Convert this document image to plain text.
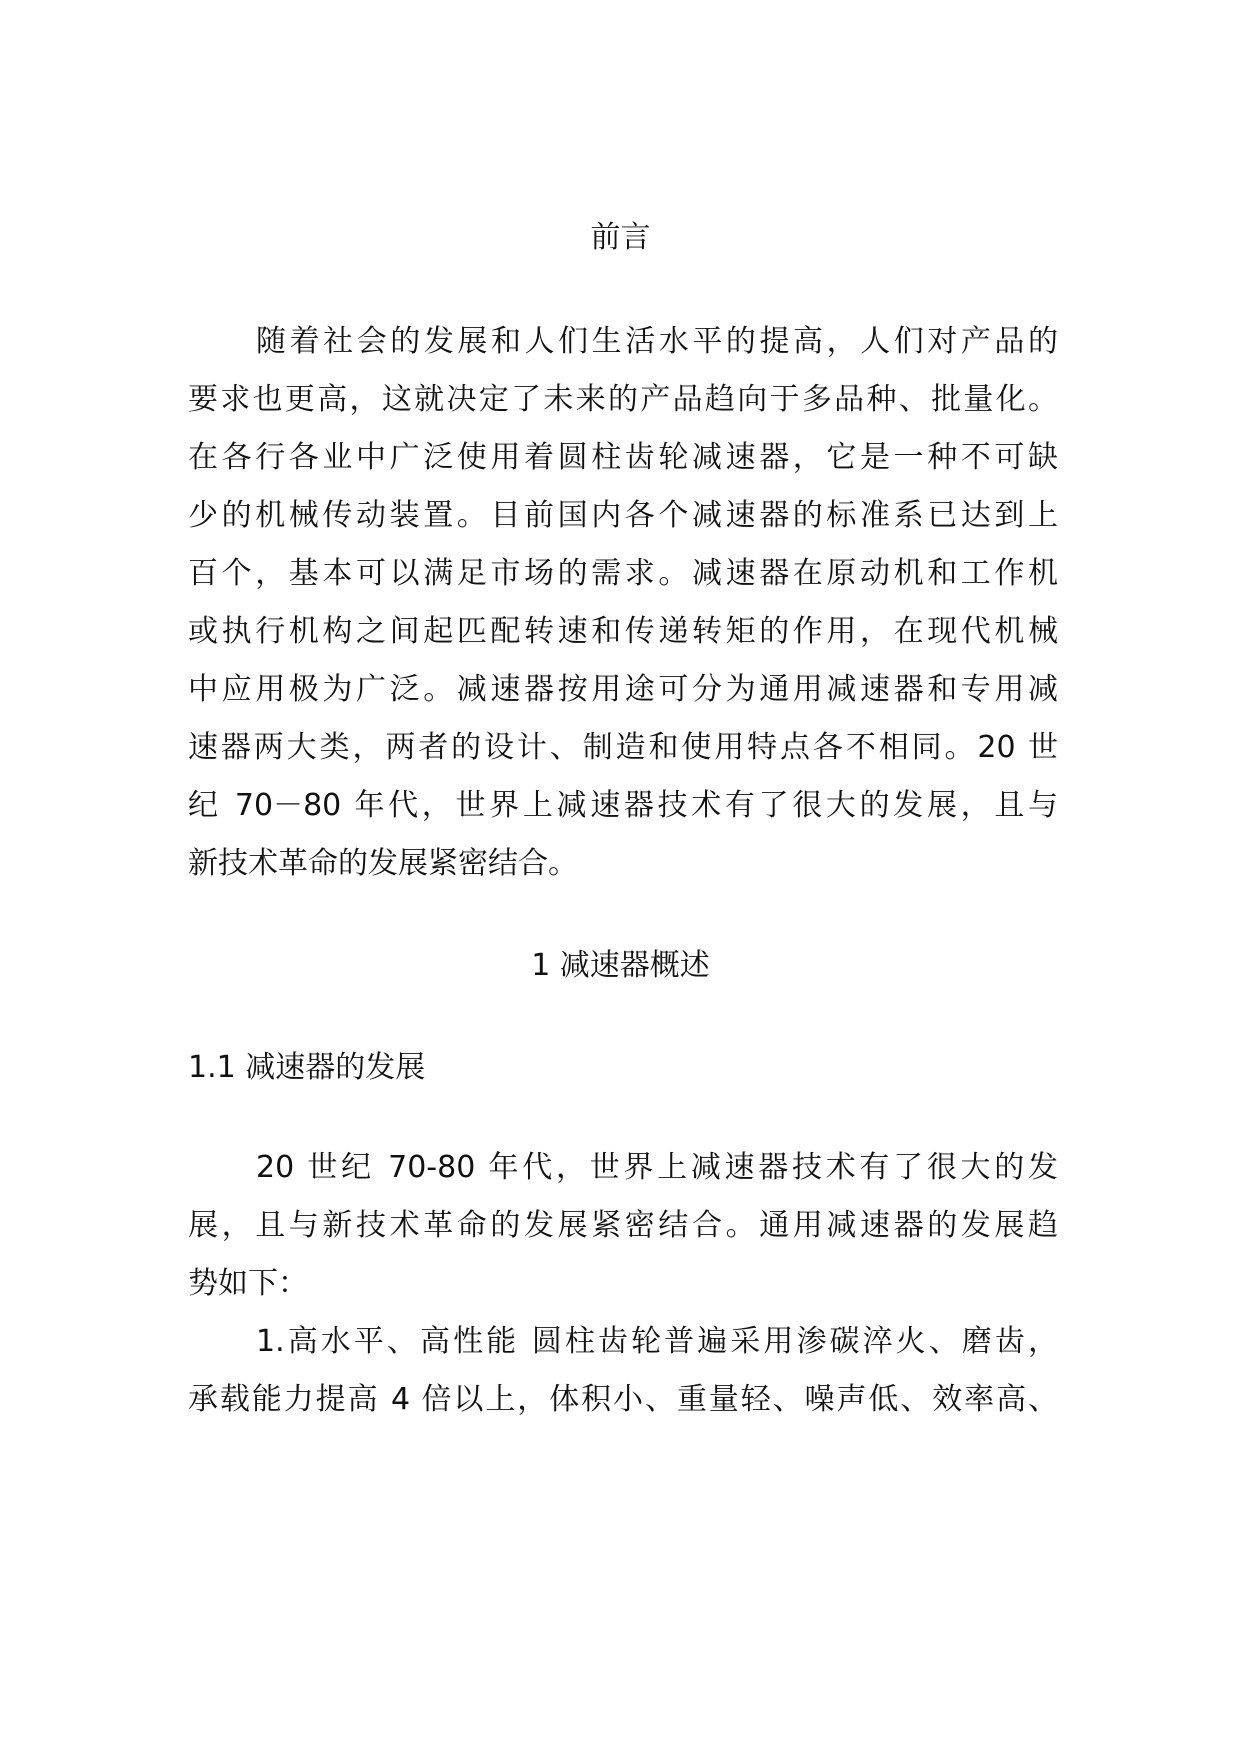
前言
随着社会的发展和人们生活水平的提高，人们对产品的
要求也更高，这就决定了未来的产品趋向于多品种、批量化。
在各行各业中广泛使用着圆柱齿轮减速器，它是一种不可缺
少的机械传动装置。目前国内各个减速器的标准系已达到上
百个，基本可以满足市场的需求。减速器在原动机和工作机
或执行机构之间起匹配转速和传递转矩的作用，在现代机械
中应用极为广泛。减速器按用途可分为通用减速器和专用减
速器两大类，两者的设计、制造和使用特点各不相同。20 世
纪 70－80 年代，世界上减速器技术有了很大的发展，且与
新技术革命的发展紧密结合。
1 减速器概述
1.1 减速器的发展
20 世纪 70-80 年代，世界上减速器技术有了很大的发
展，且与新技术革命的发展紧密结合。通用减速器的发展趋
势如下：
1.高水平、高性能 圆柱齿轮普遍采用渗碳淬火、磨齿，
承载能力提高 4 倍以上，体积小、重量轻、噪声低、效率高、
